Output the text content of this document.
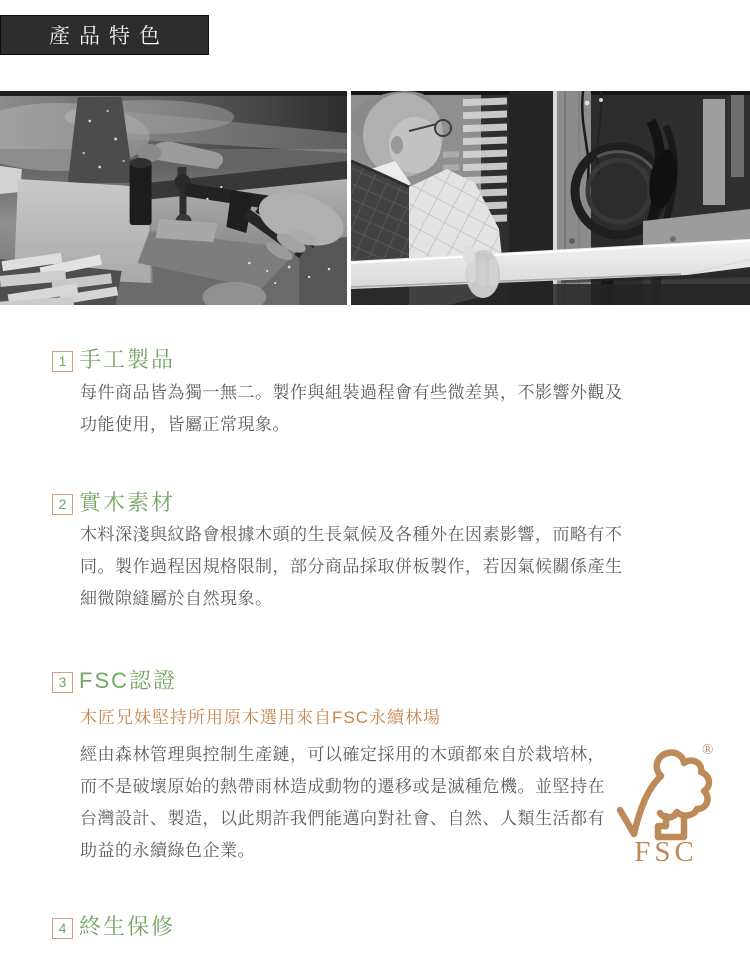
產品特色
1 手工製品

每件商品皆為獨一無二。製作與組裝過程會有些微差異，不影響外觀及功能使用，皆屬正常現象。

2 實木素材

木料深淺與紋路會根據木頭的生長氣候及各種外在因素影響，而略有不同。製作過程因規格限制，部分商品採取併板製作，若因氣候關係產生細微隙縫屬於自然現象。

3 FSC認證

木匠兄妹堅持所用原木選用來自FSC永續林場

經由森林管理與控制生產鏈，可以確定採用的木頭都來自於栽培林，而不是破壞原始的熱帶雨林造成動物的遷移或是滅種危機。並堅持在台灣設計、製造，以此期許我們能邁向對社會、自然、人類生活都有助益的永續綠色企業。

®
FSC
4 終生保修
